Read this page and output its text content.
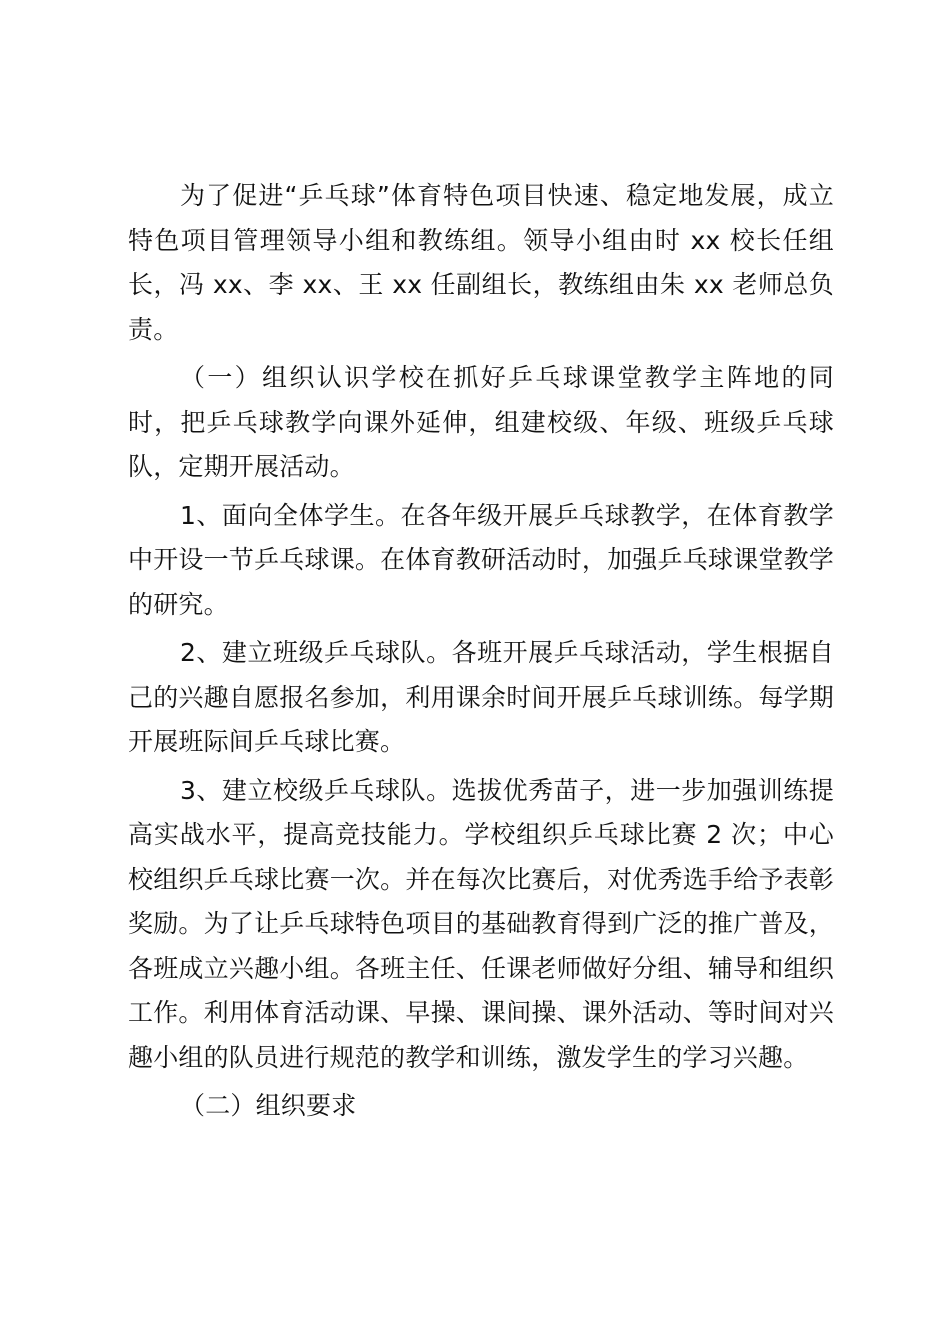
为了促进“乒乓球”体育特色项目快速、稳定地发展，成立特色项目管理领导小组和教练组。领导小组由时 xx 校长任组长，冯 xx、李 xx、王 xx 任副组长，教练组由朱 xx 老师总负责。

（一）组织认识学校在抓好乒乓球课堂教学主阵地的同时，把乒乓球教学向课外延伸，组建校级、年级、班级乒乓球队，定期开展活动。

1、面向全体学生。在各年级开展乒乓球教学，在体育教学中开设一节乒乓球课。在体育教研活动时，加强乒乓球课堂教学的研究。

2、建立班级乒乓球队。各班开展乒乓球活动，学生根据自己的兴趣自愿报名参加，利用课余时间开展乒乓球训练。每学期开展班际间乒乓球比赛。

3、建立校级乒乓球队。选拔优秀苗子，进一步加强训练提高实战水平，提高竞技能力。学校组织乒乓球比赛 2 次；中心校组织乒乓球比赛一次。并在每次比赛后，对优秀选手给予表彰奖励。为了让乒乓球特色项目的基础教育得到广泛的推广普及，各班成立兴趣小组。各班主任、任课老师做好分组、辅导和组织工作。利用体育活动课、早操、课间操、课外活动、等时间对兴趣小组的队员进行规范的教学和训练，激发学生的学习兴趣。

（二）组织要求
